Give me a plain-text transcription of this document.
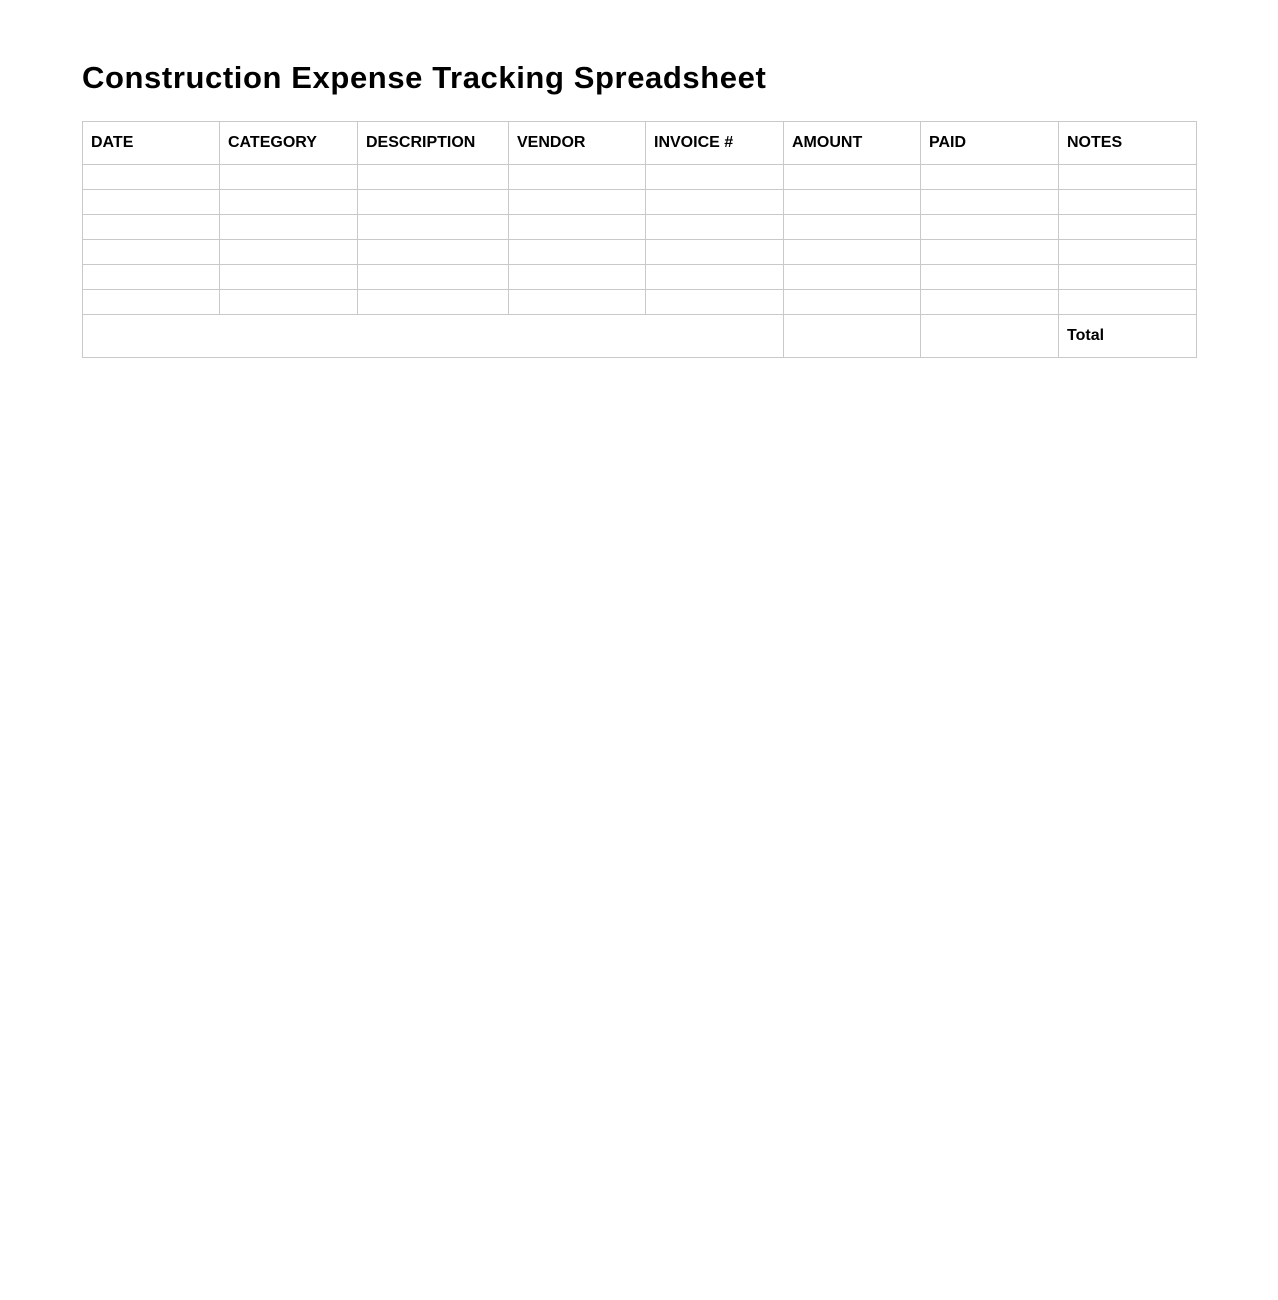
Construction Expense Tracking Spreadsheet
DATE	CATEGORY	DESCRIPTION	VENDOR	INVOICE #	AMOUNT	PAID	NOTES

							Total
